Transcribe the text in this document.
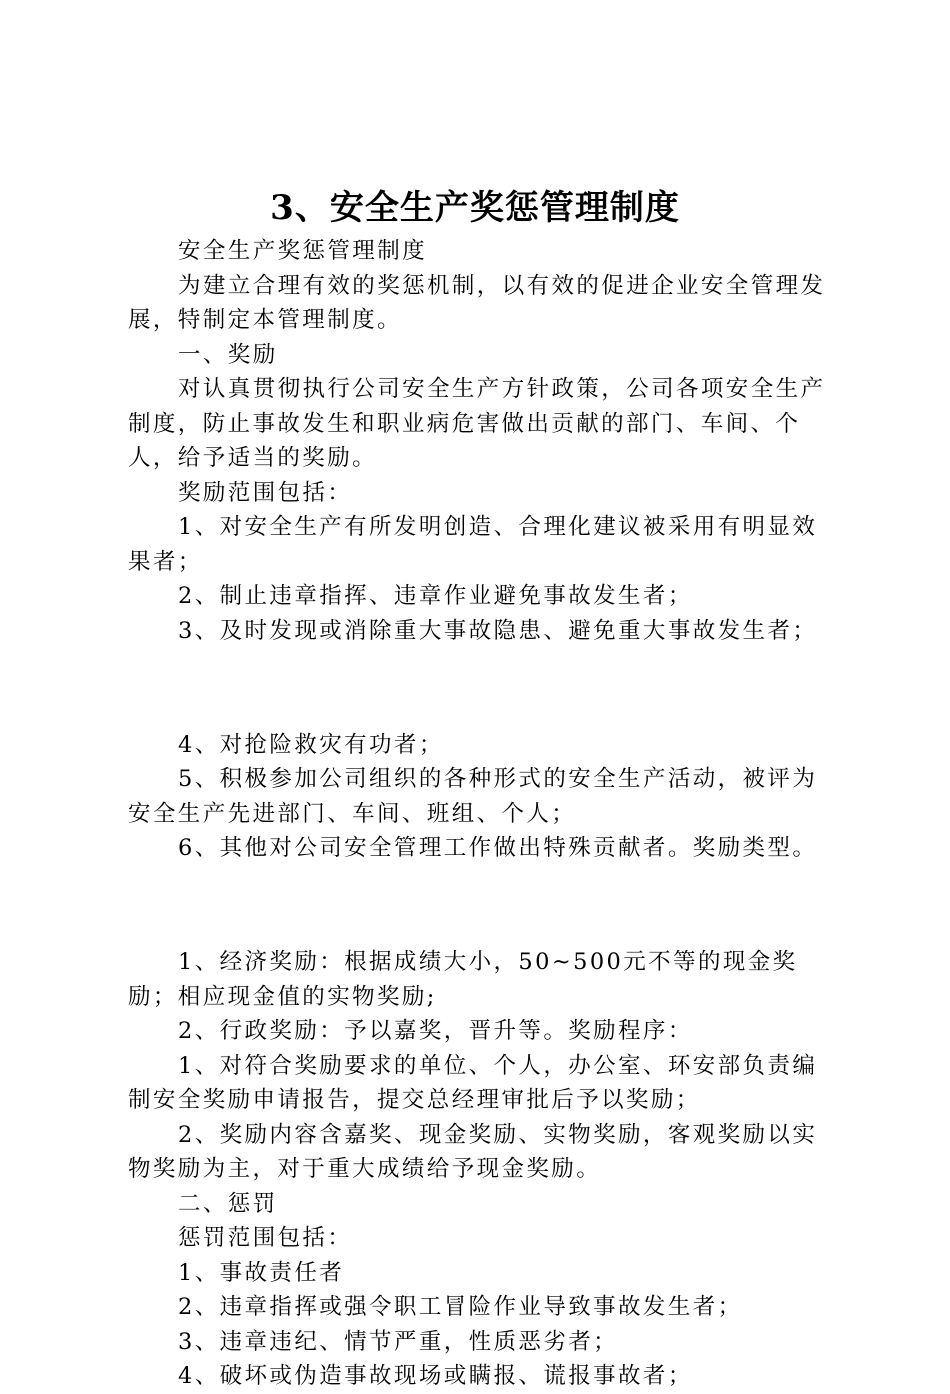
3、安全生产奖惩管理制度

安全生产奖惩管理制度

为建立合理有效的奖惩机制，以有效的促进企业安全管理发展，特制定本管理制度。

一、奖励

对认真贯彻执行公司安全生产方针政策，公司各项安全生产制度，防止事故发生和职业病危害做出贡献的部门、车间、个人，给予适当的奖励。

奖励范围包括：

1、对安全生产有所发明创造、合理化建议被采用有明显效果者；

2、制止违章指挥、违章作业避免事故发生者；

3、及时发现或消除重大事故隐患、避免重大事故发生者；

4、对抢险救灾有功者；

5、积极参加公司组织的各种形式的安全生产活动，被评为安全生产先进部门、车间、班组、个人；

6、其他对公司安全管理工作做出特殊贡献者。奖励类型。

1、经济奖励：根据成绩大小，50~500元不等的现金奖励；相应现金值的实物奖励;

2、行政奖励：予以嘉奖，晋升等。奖励程序：

1、对符合奖励要求的单位、个人，办公室、环安部负责编制安全奖励申请报告，提交总经理审批后予以奖励；

2、奖励内容含嘉奖、现金奖励、实物奖励，客观奖励以实物奖励为主，对于重大成绩给予现金奖励。

二、惩罚

惩罚范围包括：

1、事故责任者

2、违章指挥或强令职工冒险作业导致事故发生者；

3、违章违纪、情节严重，性质恶劣者；

4、破坏或伪造事故现场或瞒报、谎报事故者；
